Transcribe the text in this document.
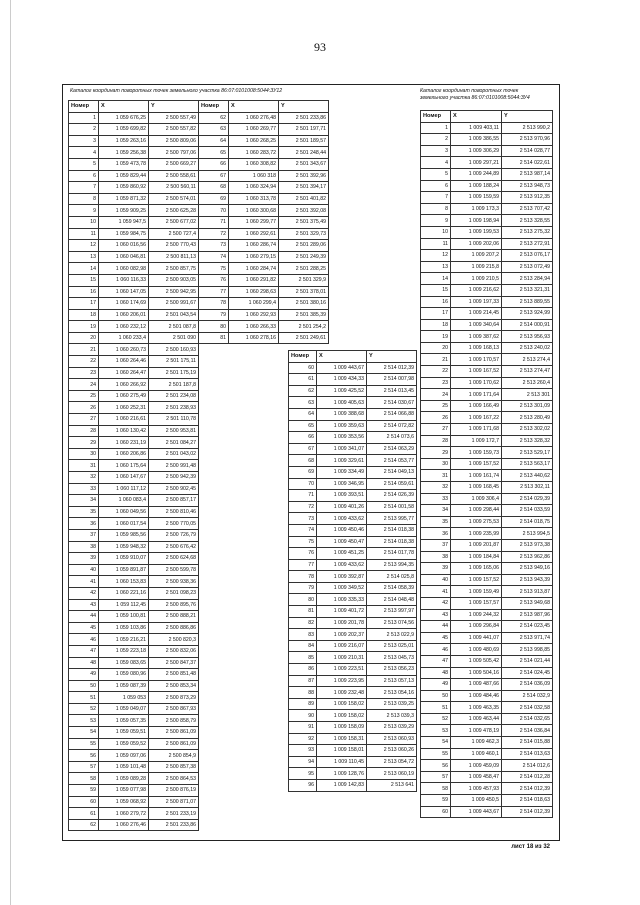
93
Каталог координат поворотных точек земельного участка 86:07:0101008:5044:ЗУ12	Каталог координат поворотных точек
земельного участка 86:07:0101008:5044:ЗУ4
Номер	X	Y
1	1 059 676,25	2 500 557,49
2	1 059 699,82	2 500 557,82
3	1 059 263,16	2 500 809,06
4	1 059 256,38	2 500 797,06
5	1 059 473,78	2 500 669,27
6	1 059 829,44	2 500 558,61
7	1 059 860,92	2 500 560,11
8	1 059 871,32	2 500 574,01
9	1 059 909,25	2 500 625,28
10	1 059 947,5	2 500 677,02
11	1 059 984,75	2 500 727,4
12	1 060 016,56	2 500 770,43
13	1 060 046,81	2 500 811,13
14	1 060 082,98	2 500 857,75
15	1 060 116,33	2 500 903,05
16	1 060 147,05	2 500 942,95
17	1 060 174,69	2 500 991,67
18	1 060 206,01	2 501 043,54
19	1 060 232,12	2 501 087,8
20	1 060 233,4	2 501 090
21	1 060 260,73	2 500 160,93
22	1 060 264,46	2 501 175,11
23	1 060 264,47	2 501 175,19
24	1 060 266,92	2 501 187,8
25	1 060 275,49	2 501 234,08
26	1 060 252,31	2 501 238,93
27	1 060 216,61	2 501 110,78
28	1 060 130,42	2 500 953,81
29	1 060 231,19	2 501 084,27
30	1 060 206,86	2 501 043,02
31	1 060 175,64	2 500 991,48
32	1 060 147,67	2 500 942,39
33	1 060 117,12	2 500 902,45
34	1 060 083,4	2 500 857,17
35	1 060 049,56	2 500 810,46
36	1 060 017,54	2 500 770,05
37	1 059 985,56	2 500 726,79
38	1 059 948,32	2 500 676,42
39	1 059 910,07	2 500 624,68
40	1 059 891,87	2 500 599,78
41	1 060 153,83	2 500 938,36
42	1 060 221,16	2 501 098,23
43	1 059 112,45	2 500 895,76
44	1 059 100,81	2 500 888,21
45	1 059 103,86	2 500 886,86
46	1 059 216,21	2 500 820,3
47	1 059 223,18	2 500 832,06
48	1 059 083,65	2 500 847,37
49	1 059 080,96	2 500 851,48
50	1 059 087,39	2 500 853,34
51	1 059 053	2 500 873,29
52	1 059 049,07	2 500 867,93
53	1 059 057,35	2 500 858,79
54	1 059 059,51	2 500 861,09
55	1 059 059,52	2 500 861,09
56	1 059 097,06	2 500 854,9
57	1 059 101,48	2 500 857,38
58	1 059 089,28	2 500 864,53
59	1 059 077,98	2 500 876,19
60	1 059 068,92	2 500 871,07
61	1 060 279,72	2 501 233,19
62	1 060 276,46	2 501 233,86
Номер	X	Y
62	1 060 276,48	2 501 233,86
63	1 060 269,77	2 501 197,71
64	1 060 268,25	2 501 189,57
65	1 060 283,72	2 501 248,44
66	1 060 308,82	2 501 343,67
67	1 060 318	2 501 392,96
68	1 060 324,94	2 501 394,17
69	1 060 313,78	2 501 401,82
70	1 060 300,68	2 501 392,08
71	1 060 299,77	2 501 375,49
72	1 060 292,61	2 501 329,73
73	1 060 286,74	2 501 289,06
74	1 060 279,15	2 501 249,39
75	1 060 284,74	2 501 288,25
76	1 060 291,82	2 501 329,9
77	1 060 298,63	2 501 378,01
78	1 060 299,4	2 501 380,16
79	1 060 292,93	2 501 385,39
80	1 060 266,33	2 501 254,2
81	1 060 278,16	2 501 249,61
Номер	X	Y
60	1 009 443,67	2 514 012,39
61	1 009 434,33	2 514 007,98
62	1 009 425,52	2 514 013,45
63	1 009 405,63	2 514 030,67
64	1 009 388,68	2 514 066,88
65	1 009 359,63	2 514 072,82
66	1 009 353,56	2 514 073,6
67	1 009 341,07	2 514 063,29
68	1 009 329,61	2 514 053,77
69	1 009 334,49	2 514 049,13
70	1 009 346,95	2 514 059,61
71	1 009 393,51	2 514 026,39
72	1 009 401,26	2 514 001,58
73	1 009 433,62	2 513 995,77
74	1 009 450,46	2 514 018,38
75	1 009 450,47	2 514 018,38
76	1 009 451,25	2 514 017,78
77	1 009 433,62	2 513 994,35
78	1 009 392,87	2 514 025,8
79	1 009 349,52	2 514 058,39
80	1 009 335,33	2 514 048,48
81	1 009 401,72	2 513 997,97
82	1 009 201,78	2 513 074,56
83	1 009 202,37	2 513 022,9
84	1 009 216,07	2 513 025,01
85	1 009 210,31	2 513 045,73
86	1 009 223,51	2 513 056,23
87	1 009 223,95	2 513 057,13
88	1 009 232,48	2 513 054,16
89	1 009 158,02	2 513 039,25
90	1 009 158,02	2 513 039,3
91	1 009 158,09	2 513 039,29
92	1 009 158,31	2 513 060,93
93	1 009 158,01	2 513 060,26
94	1 009 110,45	2 513 054,72
95	1 009 128,76	2 513 060,19
96	1 009 142,83	2 513 641
Номер	X	Y
1	1 009 403,11	2 513 990,2
2	1 009 386,55	2 513 970,96
3	1 009 306,29	2 514 028,77
4	1 009 297,21	2 514 022,61
5	1 009 244,89	2 513 987,14
6	1 009 188,24	2 513 948,73
7	1 009 159,59	2 513 912,35
8	1 009 173,3	2 513 707,42
9	1 009 198,94	2 513 328,55
10	1 009 199,53	2 513 275,32
11	1 009 202,06	2 513 272,91
12	1 009 207,2	2 513 076,17
13	1 009 215,8	2 513 072,49
14	1 009 210,5	2 513 284,94
15	1 009 216,62	2 513 321,31
16	1 009 197,33	2 513 889,55
17	1 009 214,45	2 513 924,99
18	1 009 340,64	2 514 000,91
19	1 009 387,62	2 513 956,93
20	1 009 168,13	2 513 240,02
21	1 009 170,57	2 513 274,4
22	1 009 167,52	2 513 274,47
23	1 009 170,62	2 513 260,4
24	1 009 171,64	2 513 301
25	1 009 166,49	2 513 301,09
26	1 009 167,22	2 513 280,49
27	1 009 171,68	2 513 302,02
28	1 009 172,7	2 513 328,32
29	1 009 159,73	2 513 529,17
30	1 009 157,52	2 513 563,17
31	1 009 161,74	2 513 440,62
32	1 009 168,45	2 513 302,11
33	1 009 306,4	2 514 029,39
34	1 009 298,44	2 514 033,59
35	1 009 275,53	2 514 018,75
36	1 009 235,99	2 513 994,5
37	1 009 201,87	2 513 973,38
38	1 009 184,84	2 513 962,86
39	1 009 165,06	2 513 949,16
40	1 009 157,52	2 513 943,39
41	1 009 159,49	2 513 913,87
42	1 009 157,57	2 513 949,68
43	1 009 244,32	2 513 987,96
44	1 009 296,84	2 514 023,45
45	1 009 441,07	2 513 971,74
46	1 009 480,69	2 513 998,85
47	1 009 505,42	2 514 021,44
48	1 009 504,16	2 514 024,45
49	1 009 487,66	2 514 036,09
50	1 009 484,46	2 514 032,9
51	1 009 463,35	2 514 032,58
52	1 009 463,44	2 514 032,65
53	1 009 478,19	2 514 036,84
54	1 009 462,3	2 514 015,88
55	1 009 460,1	2 514 013,63
56	1 009 459,09	2 514 012,6
57	1 009 458,47	2 514 012,28
58	1 009 457,93	2 514 012,39
59	1 009 450,5	2 514 018,63
60	1 009 443,67	2 514 012,39
лист 18 из 32
